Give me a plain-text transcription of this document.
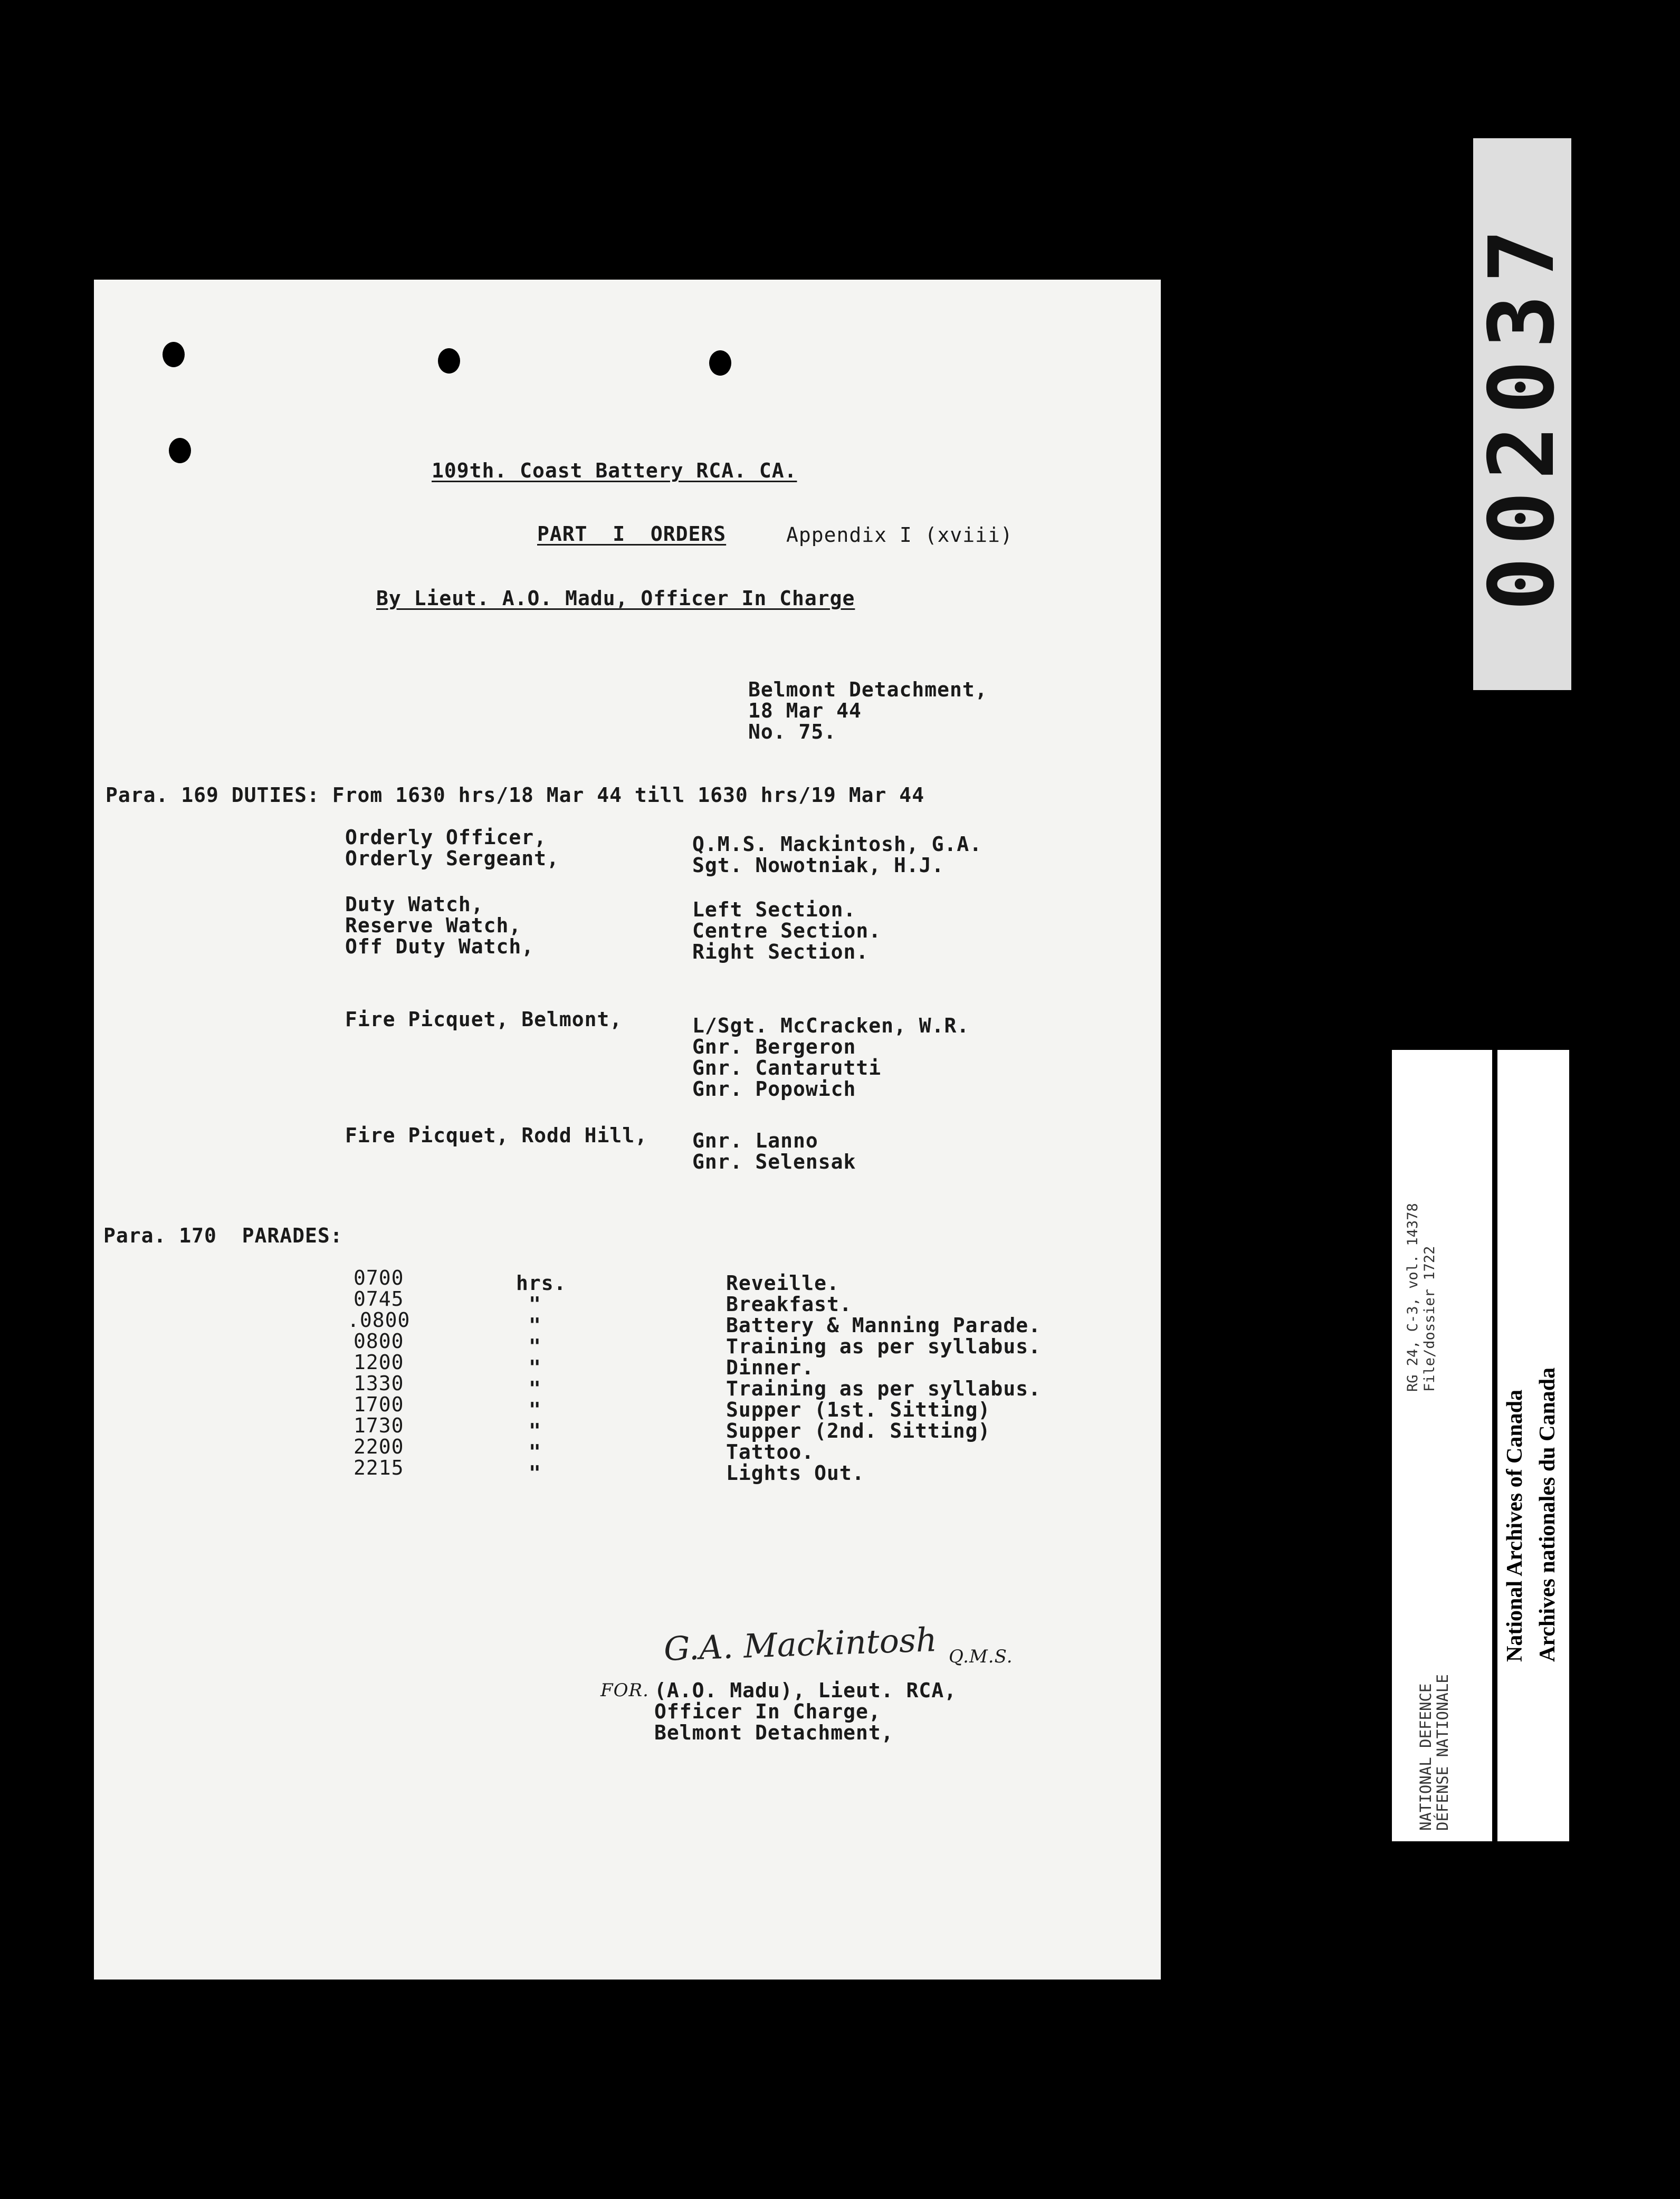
109th. Coast Battery RCA. CA.
PART  I  ORDERS	Appendix I (xviii)
By Lieut. A.O. Madu, Officer In Charge
Belmont Detachment,
18 Mar 44
No. 75.
Para. 169 DUTIES: From 1630 hrs/18 Mar 44 till 1630 hrs/19 Mar 44
Orderly Officer,
Orderly Sergeant,
Q.M.S. Mackintosh, G.A.
Sgt. Nowotniak, H.J.
Duty Watch,
Reserve Watch,
Off Duty Watch,
Left Section.
Centre Section.
Right Section.
Fire Picquet, Belmont,	L/Sgt. McCracken, W.R.
Gnr. Bergeron
Gnr. Cantarutti
Gnr. Popowich
Fire Picquet, Rodd Hill, Gnr. Lanno
Gnr. Selensak
Para. 170  PARADES:
0700
0745
.0800
0800
1200
1330
1700
1730
2200
2215
hrs.
"
"
"
"
"
"
"
"
"
Reveille.
Breakfast.
Battery & Manning Parade.
Training as per syllabus.
Dinner.
Training as per syllabus.
Supper (1st. Sitting)
Supper (2nd. Sitting)
Tattoo.
Lights Out.
G.A. Mackintosh Q.M.S.
FOR. (A.O. Madu), Lieut. RCA,
Officer In Charge,
Belmont Detachment,
002037
RG 24, C-3, vol. 14378 File/dossier 1722
NATIONAL DEFENCE
DÉFENSE NATIONALE
National Archives of Canada Archives nationales du Canada
